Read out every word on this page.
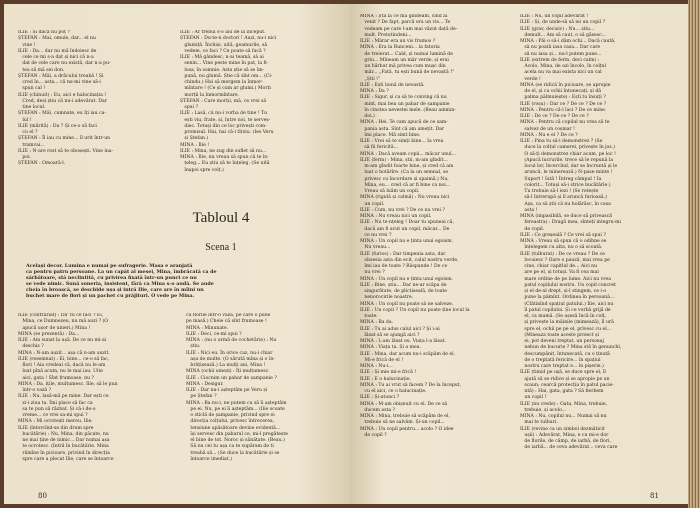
ILIE : Și dacă nu poț ?
ȘTEFAN : Mai, omule, dar... el nu
vine !
ILIE : Da... dar nu mă îndoiesc de
cele ce mi s-a dat și nici că n-a
dat de cele care nu există, dar n-a pu-
tea să mă sei don.
ȘTEFAN : Măi, a drăcului treabă ! Și
cred în... asta... că nu-mi vine să-i
spun cal !
ILIE (chinuit) : Eu, aici e halucinația !
Cred, deși știu că nu-i adevărat. Dar
tine locul.
ȘTEFAN : Măi, cumnate, eu îți iau ca-
lul !
ILIE (mărită) : Da ? Și ce-o să faci
cu el ?
ȘTEFAN : Îl iau cu mine... îl urit într-un
tramvai...
ILIE : N-are rost să te obosești. Vine ina-
poi.
ȘTEFAN : Omoară-l.
ILIE : Ar trebui s-o iau de la început.
ȘTEFAN : Du-te-n doctori ! Auzi, nu-i nici
glumiță. Închiși, uită, geamurile, să
vedem, ce faci ? Ce poate să facă ?
ILIE : Mă gândesc, n-ai teamă, să ai
senin... Vine peste mine în pat, la fi-
losa, în somnie. Asta știe să se îm-
pună, nu glumă. Știe că sînt om... (Ci-
chindu.) Hai să mergem la înmor-
mîntare ! (Ce și cum ar glumi.) Morți
morții la înmormîntare.
ȘTEFAN : Care morții, mă, ce vrei să
spui ?
ILIE : Lasă, că nu-i vorba de tine ! Tu
ești viu, frate, și, între noi, te serveș-
diec. Totuși din ce loc privești com-
promisul. Hai, hai că-i tîrziu. (Ies Veru
și Ștefan.)
MINA : Ilie !
ILIE : Mina, ne zug din suflet să nu...
MINA : Ilie, nu vreau să spun că te în-
țeleg... Eu știu să te înțeleg. (Se uită
înapoi spre colț.)
Tabloul 4
Scena 1
Același decor. Lumina e numai pe sufragerie. Masa e aranjată
ca pentru patru persoane. La un capăt al mesei, Mina, îmbrăcată ca de
sărbătoare, stă neclintită, cu privirea fixată într-un punct ce nu
se vede nimic. Sună soneria, insistent, fără ca Mina s-o audă. Se aude
cheia în broască, se deschide ușa și intră Ilie, care are în mîini un
buchet mare de flori și un pachet cu prăjituri. O vede pe Mina.
ILIE (contrariat) : Da' tu ce faci ? Ei,
Mina, ce Dumnezeu, nu mă auzi ? (O
apucă ușor de umeri.) Mina !
MINA (se prezentă) : Da...
ILIE : Am sunat la ușă. De ce nu mi-ai
deschis ?
MINA : N-am auzit... așa că n-am auzit.
ILIE (resemnat) : Ei, bine... ce-o să fac,
flori ! Aia credeai că, dacă nu le-am
luat pînă acum, nu le mai iau. Uite
aici, gata ! Sînt frumoase, nu ?
MINA : Da, ițile, mulțumesc. Ilie, să le pun
într-o vază ?
ILIE : Nu, lasă-mă pe mine. Dar ești ce
zi-i ziua ta. Îmi place să fac ca
sa te pun să răzbat. Și că-i de-o
vreme... ce vrei sa-mi spui ?
MINA : Mi ocrotești mereu, Ilie.
ILIE (întorcînd-se din drum spre
bucătărie) : Nu, Mina, din păcate, nu
ne mai ține de nimic... Dar numai așa
te ocrotesc. (Intră în bucătărie. Mina
rămîne în picioare, privind în direcția
spre care a plecat Ilie, care se întoarce
cu florile într-o vază, pe care o pune
pe masă.) Cheie că sînt frumoase !
MINA : Minunate.
ILIE : Deci, ce-mi spui ?
MINA : (nu o urmă de cochetărie) : Nu
știu.
ILIE : Nici eu. În orice caz, nu-i chiar
așa de multe. (O sărută mîna și o în-
brățișează.) La mulți ani, Mina !
MINA (ochii umezi) : Îți mulțumesc.
ILIE : Ciocnim un pahar de șampanie ?
MINA : Desigur.
ILIE : Dar nu-i așteptăm pe Veru și
pe Ștefan ?
MINA : Ba nu-i, ne putem ca să îi așteptăm
pe ei. Nu, pe ei îi așteptăm... (Ilie scoate
o sticlă de șampanie, privind spre ei
direcția colțului, privesc întrecerea,
tensiune apăsătoare devine evidentă...
își servesc din paharul ce, mi-l pregătește
el bine de tot. Noroc și sănătate. (Beau.)
Să nu cei tu așa ca te supăram de ti
treabă să... (Se duce la bucătărie și se
întoarce imediat.)
80
MINA : Știi la ce mă gîndeam, cînd ai
venit ? De fapt, parcă era un vis... Te
vedeam pe care l-am mai văzut dată de-
mult. Pretutindeni...
ILIE : Mărar era un vis frumos ?
MINA : Era la Runceni... la fatoria
de treierat... Cald, și numai lumină de
griu... Mîneam un măr verde, și erai
un bărbat mă privea cum mușc din
măr... „Fată, tu ești bună de nevastă !”
„Știi !”
ILIE : Ești bună de nevastă.
MINA : Da ?
ILIE : Sigur, și ca să te conving că nu
mint, mai bea un pahar de șampanie
în cinstea nevestei mele. (Beau ammin-
doi.)
MINA : Hei. Te cam apucă de ce sam-
pania asta. Sînt că am amețit. Dar
îmi place. Mă simt bine.
ILIE : Vrei să te simți bine... Ia vrea
să fii fericită...
MINA : Dacă aveam copii... măcar unul...
ILIE (ferm) : Mina, știi, m-am gîndit...
m-am gîndit foarte bine, și cred că am
luat o hotărîre. (Ca la un semnal, se
privesc cu încordare și spaimă.) Nu,
Mina, eu... cred că ar fi bine ca noi...
Vreau să luăm un copil.
MINA (rigidă și calmă) : Nu vreau nici
un copil.
ILIE : Cum, nu vrei ? De ce nu vrei ?
MINA : Nu vreau nici un copil.
ILIE : Nu te-nțeleg ! Doar tu spuneai că,
dacă am fi avut un copil, măcar... De
ce nu vrei ?
MINA : Un copil nu e ținta unui egoism.
Nu vreau...
ILIE (furios) : Dar timpenia asta, dar
obsesia asta din ecit, calul nostru verde,
îmi iau de toate ? Răspunde ! De ce
nu vrei ?
MINA : Un copil nu e ținta unui egoism.
ILIE : Bine, știu... Dar ne-ar scăpa de
singurătate, de plictiseală, de toate
nenorocirile noastre.
MINA : Un copil nu poate să ne salveze.
ILIE : Un copil ? Un copil nu poate ține locul la
toate.
MINA : Ba da.
ILIE : Tu ai adus calul aici ? Și i-ai
lăsat să se ajungă aici ?
MINA : L-am lăsat eu. Viața l-a lăsat.
MINA : Viața ta. Și a mea.
ILIE : Mina, dar acum nu-i scăpăm de el.
Mi-e frică de el !
MINA : Nu-i...
ILIE : Și mie mi-e frică !
ILIE : E o halucinație.
MINA : Tu ai vrut să facem ? De la început,
cu el aici, ce o halucinație.
ILIE : Și-atunci ?
MINA : M-am obișnuit cu el. De ce să
ducem asta ?
MINA : Mina, trebuie să scăpăm de el,
trebuie să ne salvăm. Și-un copil...
MINA : Un copil pentru... acolo ? O idee
de copil ?
ILIE : Nu, un copil adevărat !
ILIE : Și, de unde-să să iei un copil ?
ILIE (grav, decisiv) : Nu... știu...
demult... Am să caut, o să găsesc...
MINA : Păi o să-i dăm ochi... Dacă caută,
să nu poată iasa casa... Dar care
să nu iasa și... nu-l putem pune...
ILIE (extrem de ferm, deci calm) :
Acolo, Mina, de azi încolo, în colțul
acela nu va mai exista nici un cal
verde !
MINA (se ridică în picioare, se apropie
de el, și cu ochii întunecați, și dă
palma pălmuiește) : Ești tu însuți ?
ILIE (roșu) : Dar ce ? De ce ? De ce ?
MINA : Pentru că-l laci ? De ce mine.
ILIE : De ce ? De ce ? De ce ?
MINA : Pentru că copilul nu vrea să te
salvez de un coșmar !
MINA : Nu e el ? De ce ?
ILIE : Pina tu să-i demonstrez ? (Se
duce la colțul camerei, privește în jos.)
O să-ți demonstrez chiar acum, pe loc !
(Apucă lucrurile, trece să le repună la
locul lor, încercînd, dar se încruntă și le
aruncă, le minerează.) N-pase minte !
Suport ! Iată ! Întreg câmpul ! Ia
colorit... Totuși să-i strice bucătărie.)
Tu trebuie să-l iezi ! (Se rotește
să-l întrerupă și îl aruncă furioasă.)
Așa, ca să știi că nu holărăsc, în casa
asta !
MINA (impasibilă, se duce să privească
fereastra) : Dragă mea, sînteți integru-mi
de copil.
ILIE : Ce greșeală ? Ce vrei să spui ?
MINA : Vreau să spun că o odihne se
înțelegem cu alta, nu o să scoată.
ILIE (tulburat) : De ce vreau ? De ce
locuiesc ? Oare o pauză, mai vrea pe
cine, chiar capitlul de... Aici nu
are pe el, și totuși. Va fi cea mai
mare ordine de pe lume. Aici nu vrea
patul copilului nostru. Un copil concret
și el de-al drept, și-l stingem, ce i-o
pune la pămînt. Ordinea în persoană...
(Clătinînd spațiul patului.) Ilie, aici nu
îl patul copilului. Și ce vorbă grijă de
el, ca mamă. (Se așeză încă în colț,
și privește la mâinile (mimează), îl ură
spre el, ochii pe pe el, privesc cu el...
(Mineaza toate aceste proiect și
ei, pot deveni treptat, un personaj
nebun de bucurie ? Mina stă în genunchi,
descumpănit, întunecată, cu o ținută
de o treptată fericire... în spațiul
nostru care treptat e... în pișerie.)
ILIE (timid pe ușă, se duce spre el, îl
ajută să se ridice și se apropie pe un
scaun; cearcă protecția în patul pacie-
ntă) : Hai, gata, gata ? Să fierbem
un copil !
ILIE (nu crede) : Gata, Mina, trebuie,
trebuie, și acolo...
MINA : Nu, copilul nu... Numai să nu
mai te tulburi.
ILIE (revine ca un simbol dezmăticit
ușii) : Adevărat, Mina, e cu mi-e dor
de florile, de câmp, de iarbă, de flori,
de iarbă... de ceva adevărat... ceva care
81
